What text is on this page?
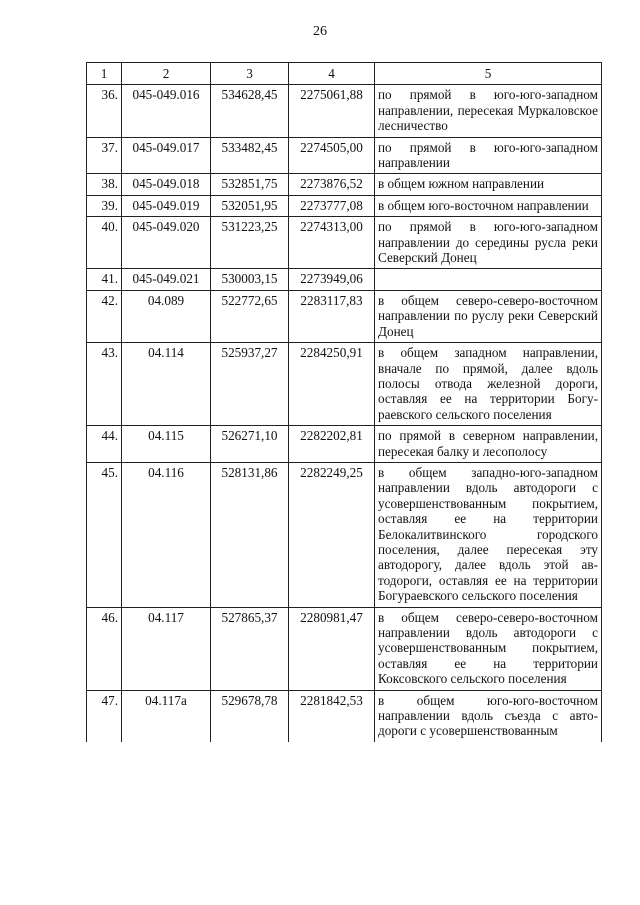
26
1	2	3	4	5
36.	045-049.016	534628,45	2275061,88	по прямой в юго-юго-западном направлении, пересекая Муркаловское лесничество
37.	045-049.017	533482,45	2274505,00	по прямой в юго-юго-западном направлении
38.	045-049.018	532851,75	2273876,52	в общем южном направлении
39.	045-049.019	532051,95	2273777,08	в общем юго-восточном направлении
40.	045-049.020	531223,25	2274313,00	по прямой в юго-юго-западном направлении до середины русла реки Северский Донец
41.	045-049.021	530003,15	2273949,06	
42.	04.089	522772,65	2283117,83	в общем северо-северо-восточном направлении по руслу реки Северский Донец
43.	04.114	525937,27	2284250,91	в общем западном направлении, вначале по прямой, далее вдоль полосы отвода железной дороги, оставляя ее на территории Богураевского сельского поселения
44.	04.115	526271,10	2282202,81	по прямой в северном направлении, пересекая балку и лесополосу
45.	04.116	528131,86	2282249,25	в общем западно-юго-западном направлении вдоль автодороги с усовершенствованным покрытием, оставляя ее на территории Белокалитвинского городского поселения, далее пересекая эту автодорогу, далее вдоль этой автодороги, оставляя ее на территории Богураевского сельского поселения
46.	04.117	527865,37	2280981,47	в общем северо-северо-восточном направлении вдоль автодороги с усовершенствованным покрытием, оставляя ее на территории Коксовского сельского поселения
47.	04.117а	529678,78	2281842,53	в общем юго-юго-восточном направлении вдоль съезда с автодороги с усовершенствованным
